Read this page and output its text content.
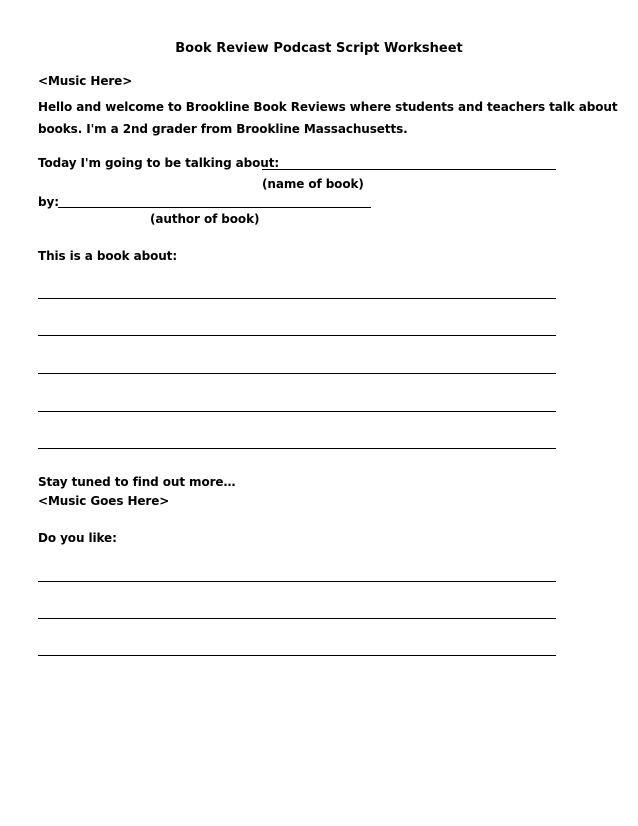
Book Review Podcast Script Worksheet
<Music Here>
Hello and welcome to Brookline Book Reviews where students and teachers talk about
books. I'm a 2nd grader from Brookline Massachusetts.
Today I'm going to be talking about:
(name of book)
by:
(author of book)
This is a book about:
Stay tuned to find out more…
<Music Goes Here>
Do you like:
